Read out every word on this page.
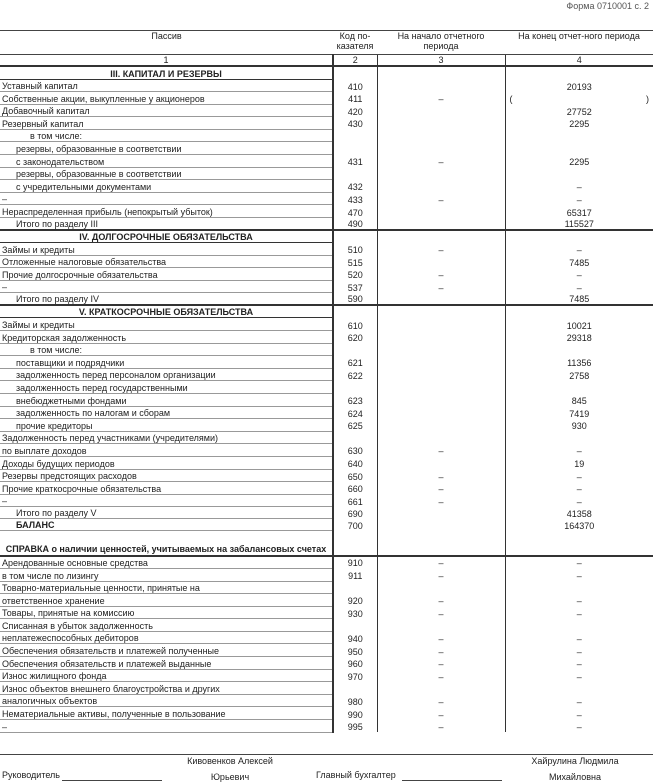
Форма 0710001 с. 2
Пассив	Код по-казателя	На начало отчетного периода	На конец отчет-ного периода
1	2	3	4
III. КАПИТАЛ И РЕЗЕРВЫ			
Уставный капитал	410		20193
Собственные акции, выкупленные у акционеров	411	–	( )

Добавочный капитал	420		27752
Резервный капитал	430		2295
в том числе:			
резервы, образованные в соответствии			
с законодательством	431	–	2295
резервы, образованные в соответствии			
с учредительными документами	432		–
–	433	–	–
Нераспределенная прибыль (непокрытый убыток)	470		65317
Итого по разделу III	490		115527
IV. ДОЛГОСРОЧНЫЕ ОБЯЗАТЕЛЬСТВА			
Займы и кредиты	510	–	–
Отложенные налоговые обязательства	515		7485
Прочие долгосрочные обязательства	520	–	–
–	537	–	–
Итого по разделу IV	590		7485
V. КРАТКОСРОЧНЫЕ ОБЯЗАТЕЛЬСТВА			
Займы и кредиты	610		10021
Кредиторская задолженность	620		29318
в том числе:			
поставщики и подрядчики	621		11356
задолженность перед персоналом организации	622		2758
задолженность перед государственными			
внебюджетными фондами	623		845
задолженность по налогам и сборам	624		7419
прочие кредиторы	625		930
Задолженность перед участниками (учредителями)			
по выплате доходов	630	–	–
Доходы будущих периодов	640		19
Резервы предстоящих расходов	650	–	–
Прочие краткосрочные обязательства	660	–	–
–	661	–	–
Итого по разделу V	690		41358
БАЛАНС	700		164370
СПРАВКА о наличии ценностей, учитываемых на забалансовых счетах			
Арендованные основные средства	910	–	–
в том числе по лизингу	911	–	–
Товарно-материальные ценности, принятые на			
ответственное хранение	920	–	–
Товары, принятые на комиссию	930	–	–
Списанная в убыток задолженность			
неплатежеспособных дебиторов	940	–	–
Обеспечения обязательств и платежей полученные	950	–	–
Обеспечения обязательств и платежей выданные	960	–	–
Износ жилищного фонда	970	–	–
Износ объектов внешнего благоустройства и других			
аналогичных объектов	980	–	–
Нематериальные активы, полученные в пользование	990	–	–
–	995	–	–
Руководитель
Кивовенков Алексей
Юрьевич	Главный бухгалтер
Хайрулина Людмила
Михайловна
